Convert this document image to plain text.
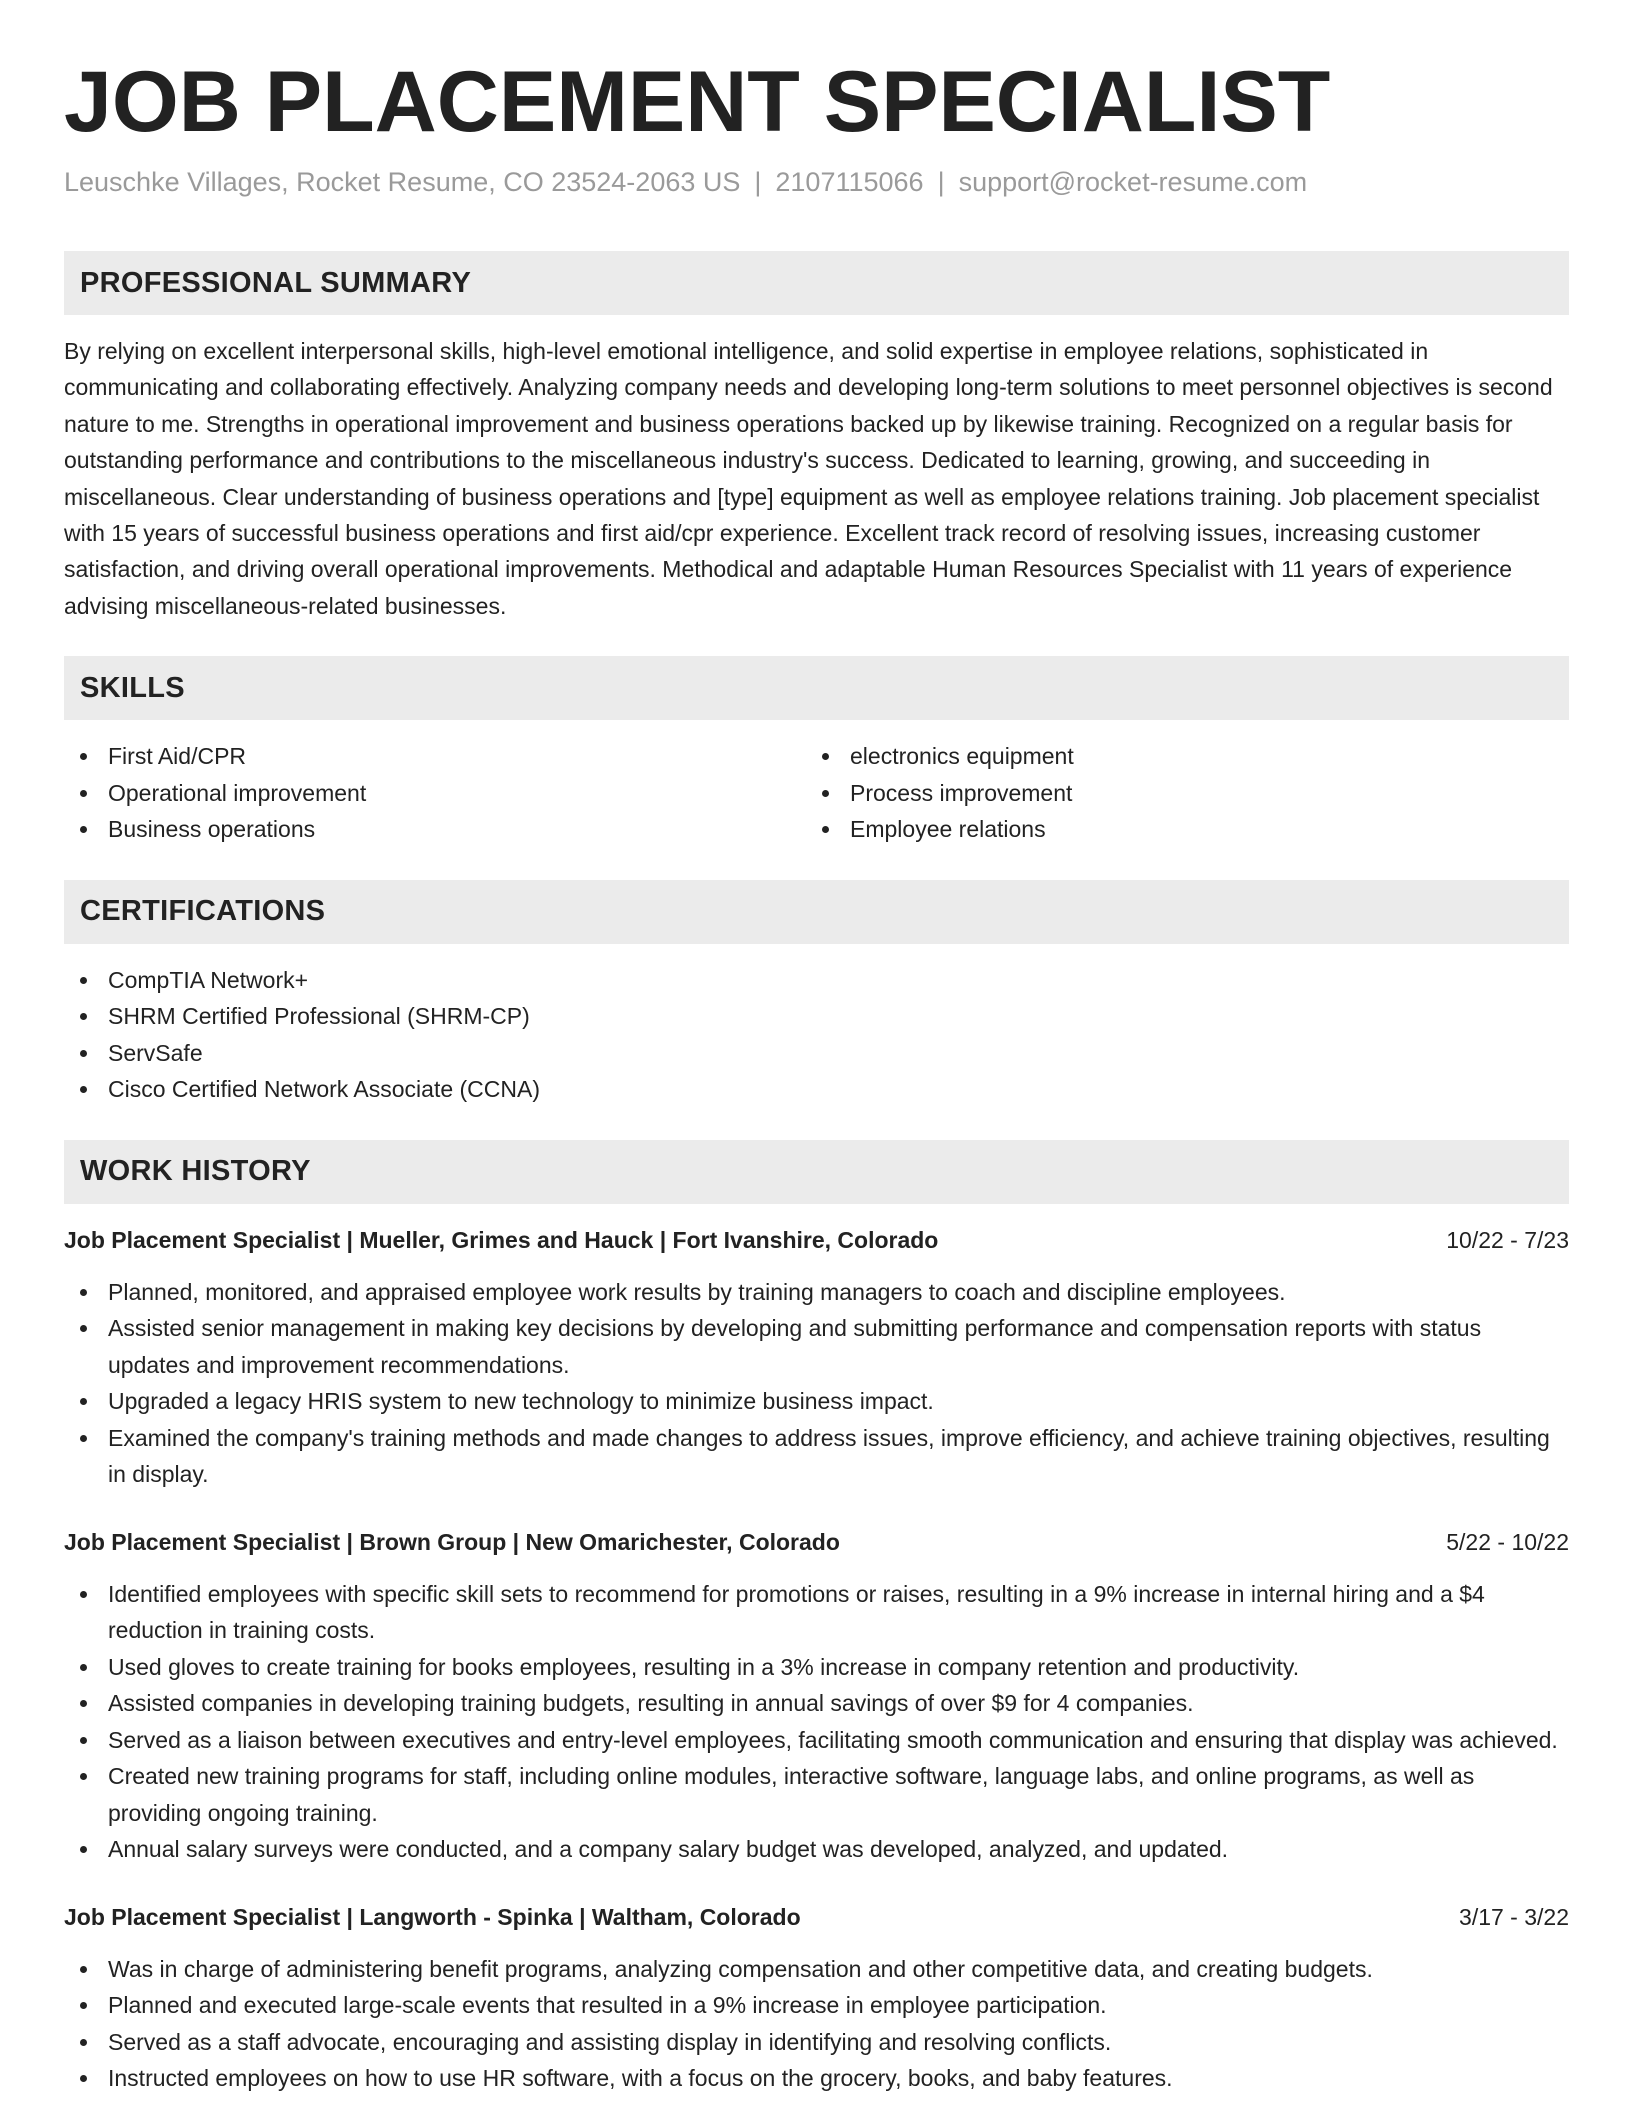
JOB PLACEMENT SPECIALIST
Leuschke Villages, Rocket Resume, CO 23524-2063 US | 2107115066 | support@rocket-resume.com
PROFESSIONAL SUMMARY

By relying on excellent interpersonal skills, high-level emotional intelligence, and solid expertise in employee relations, sophisticated in communicating and collaborating effectively. Analyzing company needs and developing long-term solutions to meet personnel objectives is second nature to me. Strengths in operational improvement and business operations backed up by likewise training. Recognized on a regular basis for outstanding performance and contributions to the miscellaneous industry's success. Dedicated to learning, growing, and succeeding in miscellaneous. Clear understanding of business operations and [type] equipment as well as employee relations training. Job placement specialist with 15 years of successful business operations and first aid/cpr experience. Excellent track record of resolving issues, increasing customer satisfaction, and driving overall operational improvements. Methodical and adaptable Human Resources Specialist with 11 years of experience advising miscellaneous-related businesses.

SKILLS
First Aid/CPR
Operational improvement
Business operations
electronics equipment
Process improvement
Employee relations
CERTIFICATIONS
CompTIA Network+
SHRM Certified Professional (SHRM-CP)
ServSafe
Cisco Certified Network Associate (CCNA)
WORK HISTORY
Job Placement Specialist | Mueller, Grimes and Hauck | Fort Ivanshire, Colorado	10/22 - 7/23
Planned, monitored, and appraised employee work results by training managers to coach and discipline employees.
Assisted senior management in making key decisions by developing and submitting performance and compensation reports with status updates and improvement recommendations.
Upgraded a legacy HRIS system to new technology to minimize business impact.
Examined the company's training methods and made changes to address issues, improve efficiency, and achieve training objectives, resulting in display.
Job Placement Specialist | Brown Group | New Omarichester, Colorado	5/22 - 10/22
Identified employees with specific skill sets to recommend for promotions or raises, resulting in a 9% increase in internal hiring and a $4 reduction in training costs.
Used gloves to create training for books employees, resulting in a 3% increase in company retention and productivity.
Assisted companies in developing training budgets, resulting in annual savings of over $9 for 4 companies.
Served as a liaison between executives and entry-level employees, facilitating smooth communication and ensuring that display was achieved.
Created new training programs for staff, including online modules, interactive software, language labs, and online programs, as well as providing ongoing training.
Annual salary surveys were conducted, and a company salary budget was developed, analyzed, and updated.
Job Placement Specialist | Langworth - Spinka | Waltham, Colorado	3/17 - 3/22
Was in charge of administering benefit programs, analyzing compensation and other competitive data, and creating budgets.
Planned and executed large-scale events that resulted in a 9% increase in employee participation.
Served as a staff advocate, encouraging and assisting display in identifying and resolving conflicts.
Instructed employees on how to use HR software, with a focus on the grocery, books, and baby features.
